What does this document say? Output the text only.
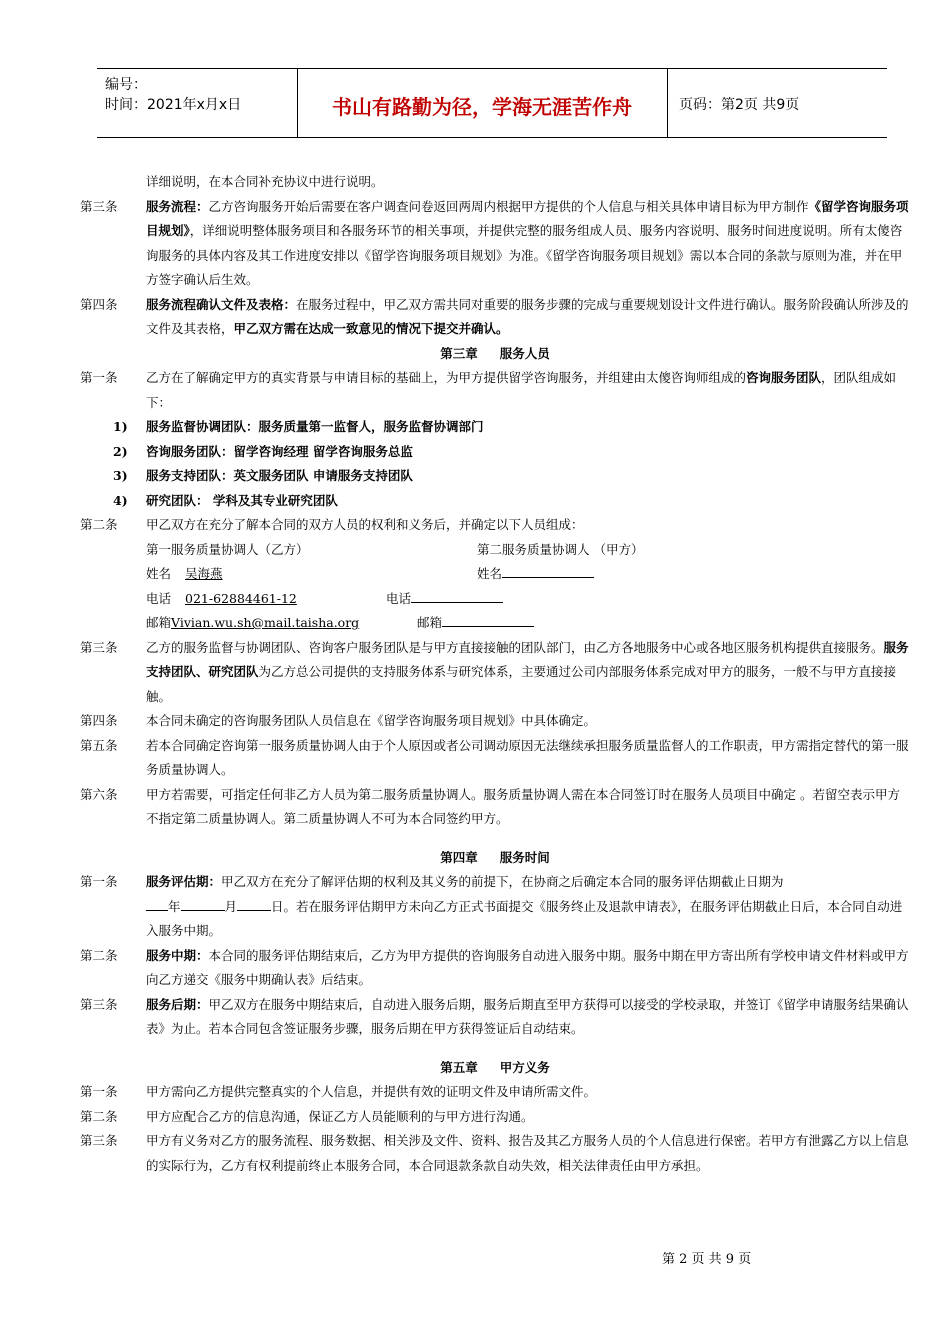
编号：
时间：2021年x月x日	书山有路勤为径，学海无涯苦作舟	页码：第2页 共9页
详细说明，在本合同补充协议中进行说明。
第三条 服务流程：乙方咨询服务开始后需要在客户调查问卷返回两周内根据甲方提供的个人信息与相关具体申请目标为甲方制作《留学咨询服务项目规划》，详细说明整体服务项目和各服务环节的相关事项，并提供完整的服务组成人员、服务内容说明、服务时间进度说明。所有太傻咨询服务的具体内容及其工作进度安排以《留学咨询服务项目规划》为准。《留学咨询服务项目规划》需以本合同的条款与原则为准，并在甲方签字确认后生效。
第四条 服务流程确认文件及表格：在服务过程中，甲乙双方需共同对重要的服务步骤的完成与重要规划设计文件进行确认。服务阶段确认所涉及的文件及其表格，甲乙双方需在达成一致意见的情况下提交并确认。
第三章 服务人员
第一条 乙方在了解确定甲方的真实背景与申请目标的基础上，为甲方提供留学咨询服务，并组建由太傻咨询师组成的咨询服务团队，团队组成如下：
1) 服务监督协调团队：服务质量第一监督人，服务监督协调部门
2) 咨询服务团队：留学咨询经理 留学咨询服务总监
3) 服务支持团队：英文服务团队 申请服务支持团队
4) 研究团队： 学科及其专业研究团队
第二条 甲乙双方在充分了解本合同的双方人员的权利和义务后，并确定以下人员组成：
第一服务质量协调人（乙方）	第二服务质量协调人 （甲方）
姓名 吴海燕	姓名
电话 021-62884461-12	电话
邮箱Vivian.wu.sh@mail.taisha.org	邮箱
第三条 乙方的服务监督与协调团队、咨询客户服务团队是与甲方直接接触的团队部门，由乙方各地服务中心或各地区服务机构提供直接服务。服务支持团队、研究团队为乙方总公司提供的支持服务体系与研究体系，主要通过公司内部服务体系完成对甲方的服务，一般不与甲方直接接触。
第四条 本合同未确定的咨询服务团队人员信息在《留学咨询服务项目规划》中具体确定。
第五条 若本合同确定咨询第一服务质量协调人由于个人原因或者公司调动原因无法继续承担服务质量监督人的工作职责，甲方需指定替代的第一服务质量协调人。
第六条 甲方若需要，可指定任何非乙方人员为第二服务质量协调人。服务质量协调人需在本合同签订时在服务人员项目中确定 。若留空表示甲方不指定第二质量协调人。第二质量协调人不可为本合同签约甲方。
第四章 服务时间
第一条 服务评估期：甲乙双方在充分了解评估期的权利及其义务的前提下，在协商之后确定本合同的服务评估期截止日期为
年	月	日。若在服务评估期甲方未向乙方正式书面提交《服务终止及退款申请表》，在服务评估期截止日后，本合同自动进入服务中期。
第二条 服务中期：本合同的服务评估期结束后，乙方为甲方提供的咨询服务自动进入服务中期。服务中期在甲方寄出所有学校申请文件材料或甲方向乙方递交《服务中期确认表》后结束。
第三条 服务后期：甲乙双方在服务中期结束后，自动进入服务后期，服务后期直至甲方获得可以接受的学校录取，并签订《留学申请服务结果确认表》为止。若本合同包含签证服务步骤，服务后期在甲方获得签证后自动结束。
第五章 甲方义务
第一条 甲方需向乙方提供完整真实的个人信息，并提供有效的证明文件及申请所需文件。
第二条 甲方应配合乙方的信息沟通，保证乙方人员能顺利的与甲方进行沟通。
第三条 甲方有义务对乙方的服务流程、服务数据、相关涉及文件、资料、报告及其乙方服务人员的个人信息进行保密。若甲方有泄露乙方以上信息的实际行为，乙方有权利提前终止本服务合同，本合同退款条款自动失效，相关法律责任由甲方承担。
第 2 页 共 9 页
